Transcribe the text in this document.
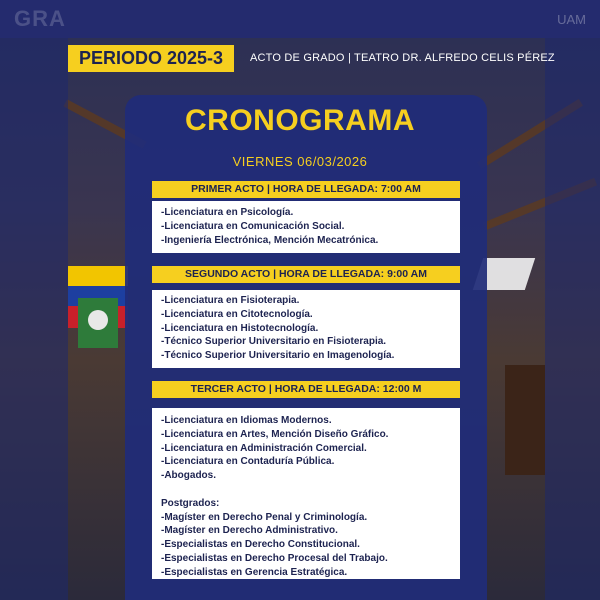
GRA	UAM
PERIODO 2025-3	ACTO DE GRADO | TEATRO DR. ALFREDO CELIS PÉREZ
CRONOGRAMA
VIERNES 06/03/2026
PRIMER ACTO | HORA DE LLEGADA: 7:00 AM
-Licenciatura en Psicología.
-Licenciatura en Comunicación Social.
-Ingeniería Electrónica, Mención Mecatrónica.
SEGUNDO ACTO | HORA DE LLEGADA: 9:00 AM
-Licenciatura en Fisioterapia.
-Licenciatura en Citotecnología.
-Licenciatura en Histotecnología.
-Técnico Superior Universitario en Fisioterapia.
-Técnico Superior Universitario en Imagenología.
TERCER ACTO | HORA DE LLEGADA: 12:00 M
-Licenciatura en Idiomas Modernos.
-Licenciatura en Artes, Mención Diseño Gráfico.
-Licenciatura en Administración Comercial.
-Licenciatura en Contaduría Pública.
-Abogados.
Postgrados:
-Magíster en Derecho Penal y Criminología.
-Magíster en Derecho Administrativo.
-Especialistas en Derecho Constitucional.
-Especialistas en Derecho Procesal del Trabajo.
-Especialistas en Gerencia Estratégica.
